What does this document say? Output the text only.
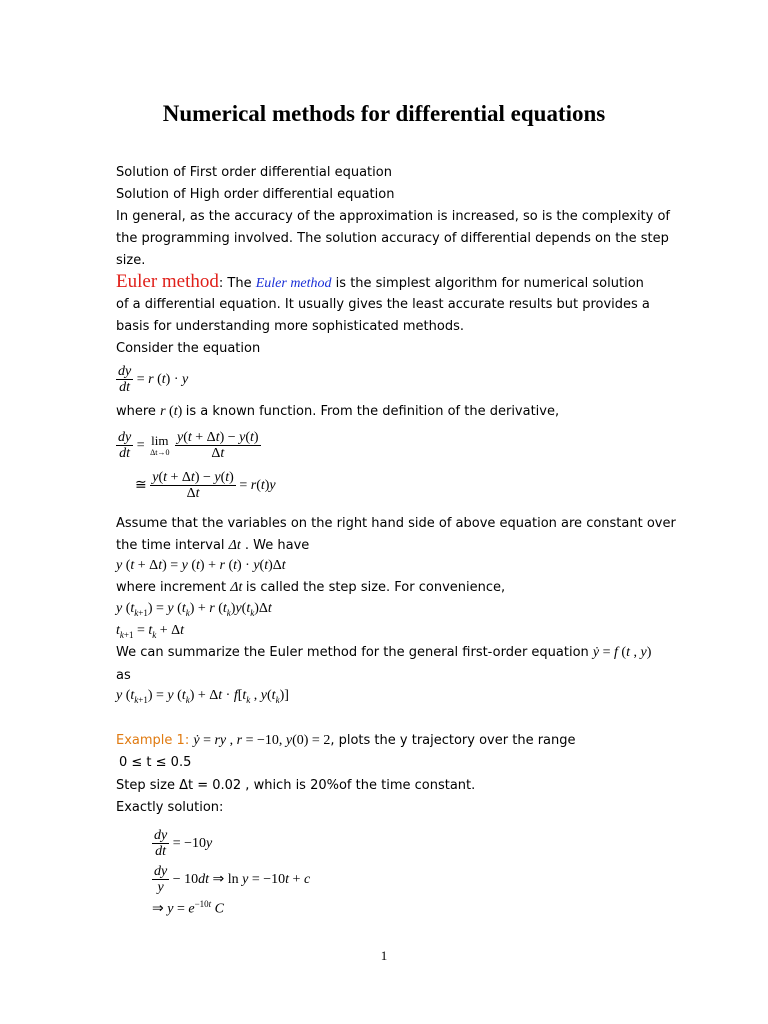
Numerical methods for differential equations
Solution of First order differential equation
Solution of High order differential equation
In general, as the accuracy of the approximation is increased, so is the complexity of
the programming involved. The solution accuracy of differential depends on the step
size.
Euler method: The Euler method is the simplest algorithm for numerical solution
of a differential equation. It usually gives the least accurate results but provides a
basis for understanding more sophisticated methods.
Consider the equation
$\frac{dy}{dt} = r$ (t) · y
where r (t) is a known function. From the definition of the derivative,
$\frac{dy}{dt} = \lim$
Δt→0
$\frac{y(t + \Delta t) - y(t)}{\Delta t}$
≅ $\frac{y(t + \Delta t) - y(t)}{\Delta t} = r(t)y$
Assume that the variables on the right hand side of above equation are constant over
the time interval Δt . We have
y (t + Δt) = y (t) + r (t) · y(t)Δt
where increment Δt is called the step size. For convenience,
y $(t_{k+1}) = y$ $(t_k) + r$ $(t_k)y(t_k)\Delta t$
$t_{k+1} = t_k + \Delta t$
We can summarize the Euler method for the general first-order equation ẏ = f (t , y)
as
y $(t_{k+1}) = y$ $(t_k) + \Delta t \cdot f[t_k$ , $y(t_k)$]
Example 1: ẏ = ry , r = −10, y(0) = 2, plots the y trajectory over the range
0 ≤ t ≤ 0.5
Step size Δt = 0.02 , which is 20%of the time constant.
Exactly solution:
$\frac{dy}{dt} = -10y$
$\frac{dy}{y} - 10dt$ ⇒ ln y = −10t + c
⇒ $y = e^{-10t}$ C
1
